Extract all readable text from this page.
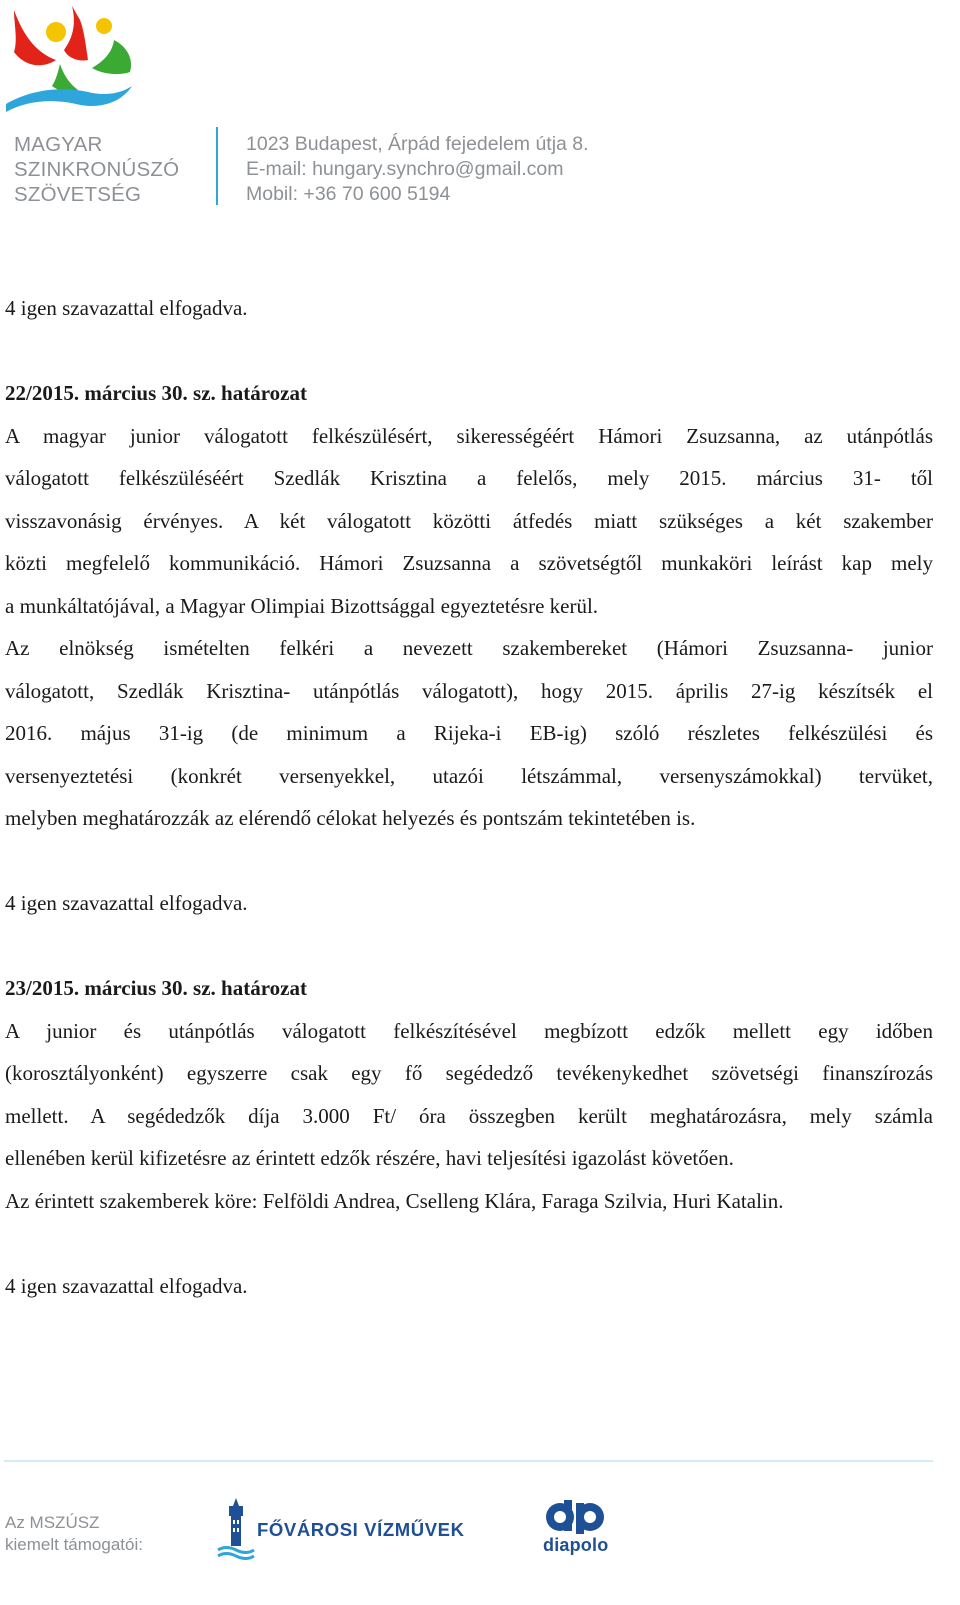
MAGYAR
SZINKRONÚSZÓ
SZÖVETSÉG
1023 Budapest, Árpád fejedelem útja 8.
E-mail: hungary.synchro@gmail.com
Mobil: +36 70 600 5194

4 igen szavazattal elfogadva.

22/2015. március 30. sz. határozat

A magyar junior válogatott felkészülésért, sikerességéért Hámori Zsuzsanna, az utánpótlás

válogatott felkészüléséért Szedlák Krisztina a felelős, mely 2015. március 31- től

visszavonásig érvényes. A két válogatott közötti átfedés miatt szükséges a két szakember

közti megfelelő kommunikáció. Hámori Zsuzsanna a szövetségtől munkaköri leírást kap mely

a munkáltatójával, a Magyar Olimpiai Bizottsággal egyeztetésre kerül.

Az elnökség ismételten felkéri a nevezett szakembereket (Hámori Zsuzsanna- junior

válogatott, Szedlák Krisztina- utánpótlás válogatott), hogy 2015. április 27-ig készítsék el

2016. május 31-ig (de minimum a Rijeka-i EB-ig) szóló részletes felkészülési és

versenyeztetési (konkrét versenyekkel, utazói létszámmal, versenyszámokkal) tervüket,

melyben meghatározzák az elérendő célokat helyezés és pontszám tekintetében is.

4 igen szavazattal elfogadva.

23/2015. március 30. sz. határozat

A junior és utánpótlás válogatott felkészítésével megbízott edzők mellett egy időben

(korosztályonként) egyszerre csak egy fő segédedző tevékenykedhet szövetségi finanszírozás

mellett. A segédedzők díja 3.000 Ft/ óra összegben került meghatározásra, mely számla

ellenében kerül kifizetésre az érintett edzők részére, havi teljesítési igazolást követően.

Az érintett szakemberek köre: Felföldi Andrea, Cselleng Klára, Faraga Szilvia, Huri Katalin.

4 igen szavazattal elfogadva.

Az MSZÚSZ
kiemelt támogatói:
FŐVÁROSI VÍZMŰVEK
diapolo
